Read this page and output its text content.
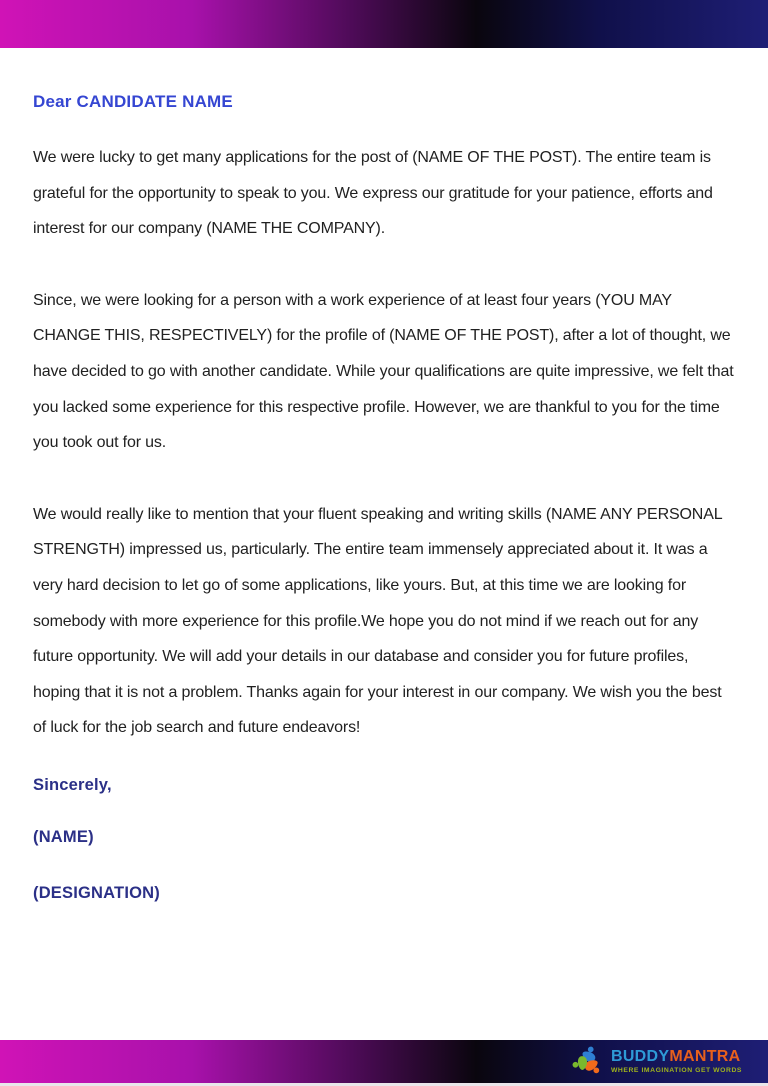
Dear CANDIDATE NAME

We were lucky to get many applications for the post of (NAME OF THE POST). The entire team is grateful for the opportunity to speak to you. We express our gratitude for your patience, efforts and interest for our company (NAME THE COMPANY).

Since, we were looking for a person with a work experience of at least four years (YOU MAY CHANGE THIS, RESPECTIVELY) for the profile of (NAME OF THE POST), after a lot of thought, we have decided to go with another candidate. While your qualifications are quite impressive, we felt that you lacked some experience for this respective profile. However, we are thankful to you for the time you took out for us.

We would really like to mention that your fluent speaking and writing skills (NAME ANY PERSONAL STRENGTH) impressed us, particularly. The entire team immensely appreciated about it. It was a very hard decision to let go of some applications, like yours. But, at this time we are looking for somebody with more experience for this profile.We hope you do not mind if we reach out for any future opportunity. We will add your details in our database and consider you for future profiles, hoping that it is not a problem. Thanks again for your interest in our company. We wish you the best of luck for the job search and future endeavors!

Sincerely,
(NAME)
(DESIGNATION)
BUDDYMANTRA
WHERE IMAGINATION GET WORDS
